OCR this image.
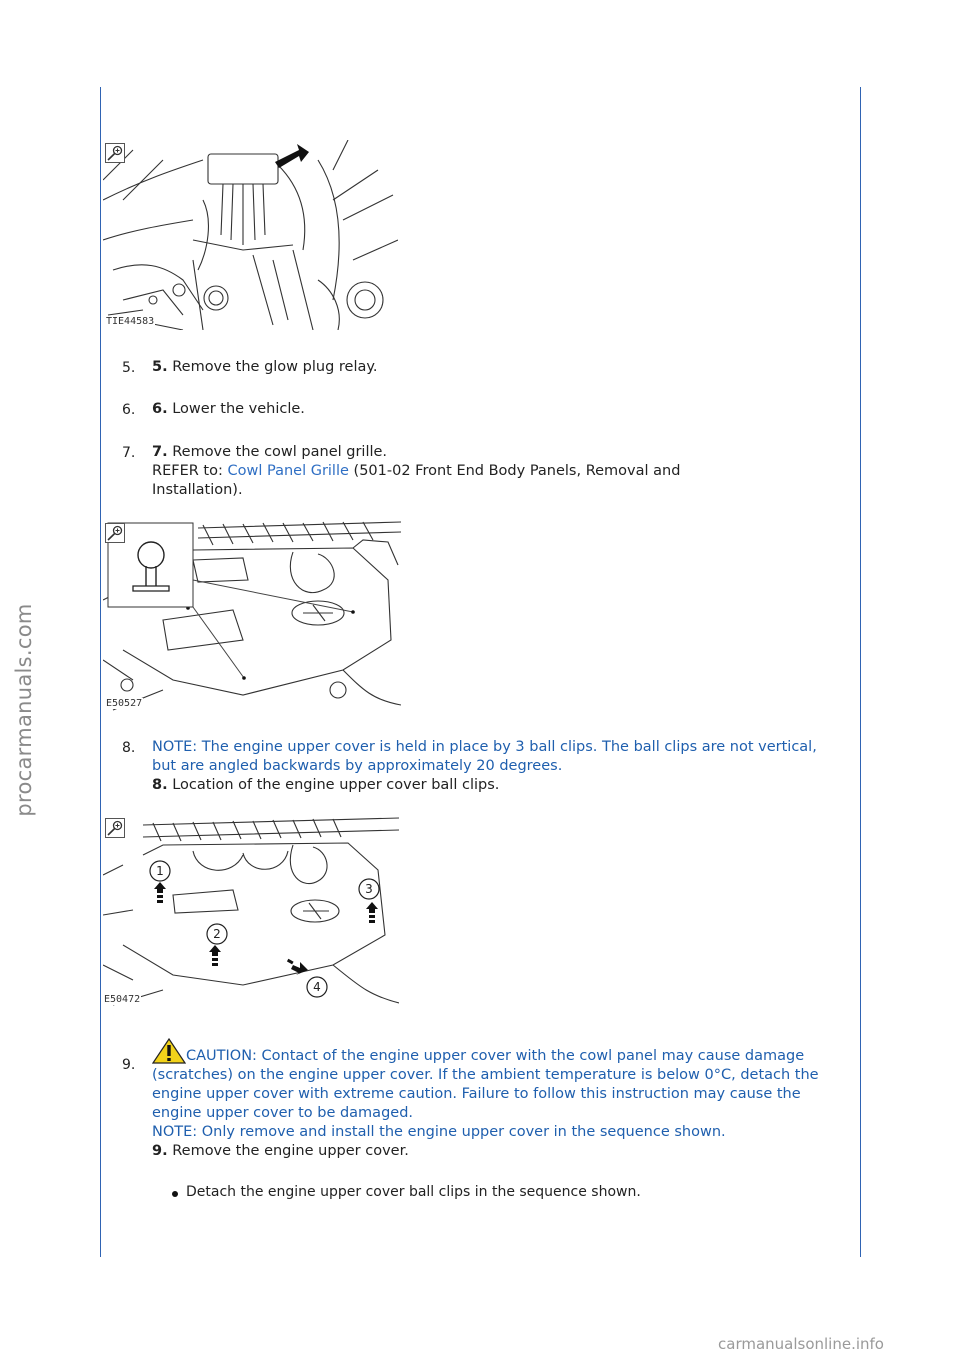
procarmanuals.com
TIE44583
5. 5. Remove the glow plug relay.
6. 6. Lower the vehicle.
7. 7. Remove the cowl panel grille.
REFER to: Cowl Panel Grille (501-02 Front End Body Panels, Removal and Installation).
E50527
8. NOTE: The engine upper cover is held in place by 3 ball clips. The ball clips are not vertical, but are angled backwards by approximately 20 degrees.
8. Location of the engine upper cover ball clips.
1
2
3
4
E50472
9.
CAUTION: Contact of the engine upper cover with the cowl panel may cause damage (scratches) on the engine upper cover. If the ambient temperature is below 0°C, detach the engine upper cover with extreme caution. Failure to follow this instruction may cause the engine upper cover to be damaged.
NOTE: Only remove and install the engine upper cover in the sequence shown.
9. Remove the engine upper cover.
Detach the engine upper cover ball clips in the sequence shown.
carmanualsonline.info
